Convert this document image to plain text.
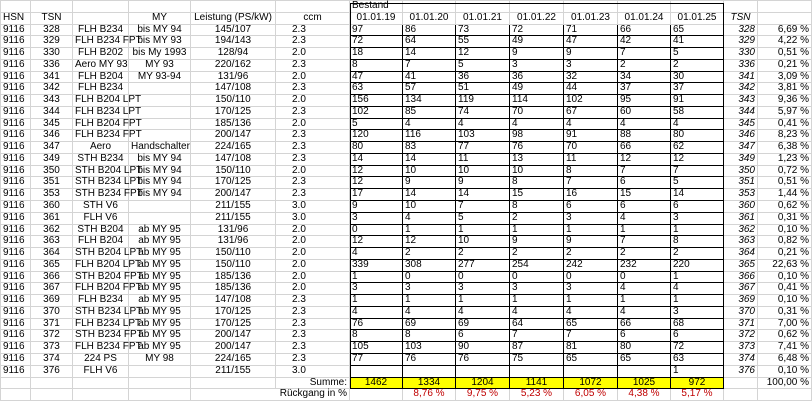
						Bestand								
HSN	TSN		MY	Leistung (PS/kW)	ccm	01.01.19	01.01.20	01.01.21	01.01.22	01.01.23	01.01.24	01.01.25	TSN	
9116	328	FLH B234	bis MY 94	145/107	2.3	97	86	73	72	71	66	65	328	6,69 %
9116	329	FLH B234 FPT	bis MY 93	194/143	2.3	72	64	55	49	47	42	41	329	4,22 %
9116	330	FLH B202	bis My 1993	128/94	2.0	18	14	12	9	9	7	5	330	0,51 %
9116	336	Aero MY 93	MY 93	220/162	2.3	8	7	5	3	3	2	2	336	0,21 %
9116	341	FLH B204	MY 93-94	131/96	2.0	47	41	36	36	32	34	30	341	3,09 %
9116	342	FLH B234		147/108	2.3	63	57	51	49	44	37	37	342	3,81 %
9116	343	FLH B204 LPT		150/110	2.0	156	134	119	114	102	95	91	343	9,36 %
9116	344	FLH B234 LPT		170/125	2.3	102	85	74	70	67	60	58	344	5,97 %
9116	345	FLH B204 FPT		185/136	2.0	5	4	4	4	4	4	4	345	0,41 %
9116	346	FLH B234 FPT		200/147	2.3	120	116	103	98	91	88	80	346	8,23 %
9116	347	Aero	Handschalter	224/165	2.3	80	83	77	76	70	66	62	347	6,38 %
9116	349	STH B234	bis MY 94	147/108	2.3	14	14	11	13	11	12	12	349	1,23 %
9116	350	STH B204 LPT	bis MY 94	150/110	2.0	12	10	10	10	8	7	7	350	0,72 %
9116	351	STH B234 LPT	bis MY 94	170/125	2.3	12	9	9	8	7	6	5	351	0,51 %
9116	353	STH B234 FPT	bis MY 94	200/147	2.3	17	14	14	15	16	15	14	353	1,44 %
9116	360	STH V6		211/155	3.0	9	10	7	8	6	6	6	360	0,62 %
9116	361	FLH V6		211/155	3.0	3	4	5	2	3	4	3	361	0,31 %
9116	362	STH B204	ab MY 95	131/96	2.0	0	1	1	1	1	1	1	362	0,10 %
9116	363	FLH B204	ab MY 95	131/96	2.0	12	12	10	9	9	7	8	363	0,82 %
9116	364	STH B204 LPT	ab MY 95	150/110	2.0	4	2	2	2	2	2	2	364	0,21 %
9116	365	FLH B204 LPT	ab MY 95	150/110	2.0	339	308	277	254	242	232	220	365	22,63 %
9116	366	STH B204 FPT	ab MY 95	185/136	2.0	1	0	0	0	0	0	1	366	0,10 %
9116	367	FLH B204 FPT	ab MY 95	185/136	2.0	3	3	3	3	3	4	4	367	0,41 %
9116	369	FLH B234	ab MY 95	147/108	2.3	1	1	1	1	1	1	1	369	0,10 %
9116	370	STH B234 LPT	ab MY 95	170/125	2.3	4	4	4	4	4	4	3	370	0,31 %
9116	371	FLH B234 LPT	ab MY 95	170/125	2.3	76	69	69	64	65	66	68	371	7,00 %
9116	372	STH B234 FPT	ab MY 95	200/147	2.3	8	8	6	7	7	6	6	372	0,62 %
9116	373	FLH B234 FPT	ab MY 95	200/147	2.3	105	103	90	87	81	80	72	373	7,41 %
9116	374	224 PS	MY 98	224/165	2.3	77	76	76	75	65	65	63	374	6,48 %
9116	376	FLH V6		211/155	3.0							1	376	0,10 %
					Summe:	1462	1334	1204	1141	1072	1025	972		100,00 %
				Rückgang in %			8,76 %	9,75 %	5,23 %	6,05 %	4,38 %	5,17 %		
